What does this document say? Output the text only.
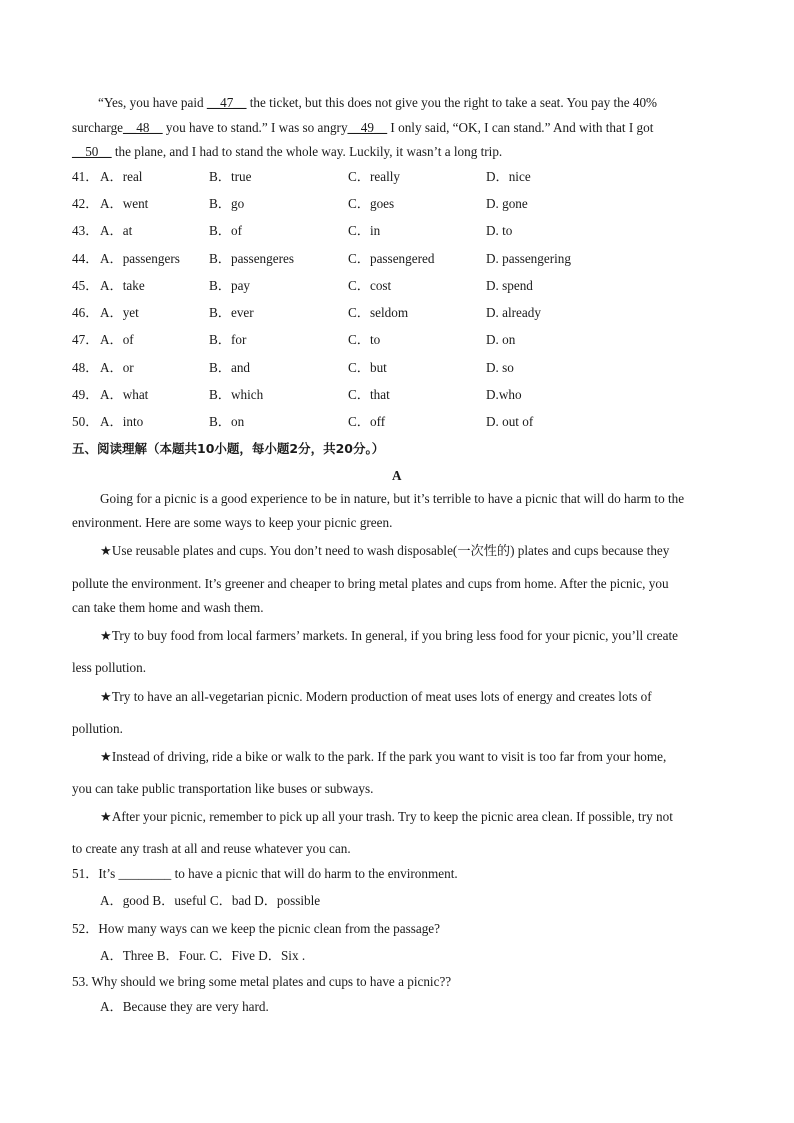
“Yes, you have paid __47__ the ticket, but this does not give you the right to take a seat. You pay the 40%
surcharge__48__ you have to stand.” I was so angry__49__ I only said, “OK, I can stand.” And with that I got
__50__ the plane, and I had to stand the whole way. Luckily, it wasn’t a long trip.
41． A．real	B．true	C．really	D．nice
42． A．went	B．go	C．goes	D. gone
43． A．at	B．of	C．in	D. to
44． A．passengers B．passengeres	C．passengered	D. passengering
45． A．take	B．pay	C．cost	D. spend
46． A．yet	B．ever	C．seldom	D. already
47． A．of	B．for	C．to	D. on
48． A．or	B．and	C．but	D. so
49． A．what	B．which	C．that	D.who
50． A．into	B．on	C．off	D. out of
五、阅读理解（本题共10小题，每小题2分，共20分。）
A
Going for a picnic is a good experience to be in nature, but it’s terrible to have a picnic that will do harm to the
environment. Here are some ways to keep your picnic green.
★Use reusable plates and cups. You don’t need to wash disposable(一次性的) plates and cups because they
pollute the environment. It’s greener and cheaper to bring metal plates and cups from home. After the picnic, you
can take them home and wash them.
★Try to buy food from local farmers’ markets. In general, if you bring less food for your picnic, you’ll create
less pollution.
★Try to have an all-vegetarian picnic. Modern production of meat uses lots of energy and creates lots of
pollution.
★Instead of driving, ride a bike or walk to the park. If the park you want to visit is too far from your home,
you can take public transportation like buses or subways.
★After your picnic, remember to pick up all your trash. Try to keep the picnic area clean. If possible, try not
to create any trash at all and reuse whatever you can.
51．It’s ________ to have a picnic that will do harm to the environment.
A．good B．useful C．bad D．possible
52．How many ways can we keep the picnic clean from the passage?
A．Three B．Four. C．Five D．Six .
53. Why should we bring some metal plates and cups to have a picnic??
A．Because they are very hard.
